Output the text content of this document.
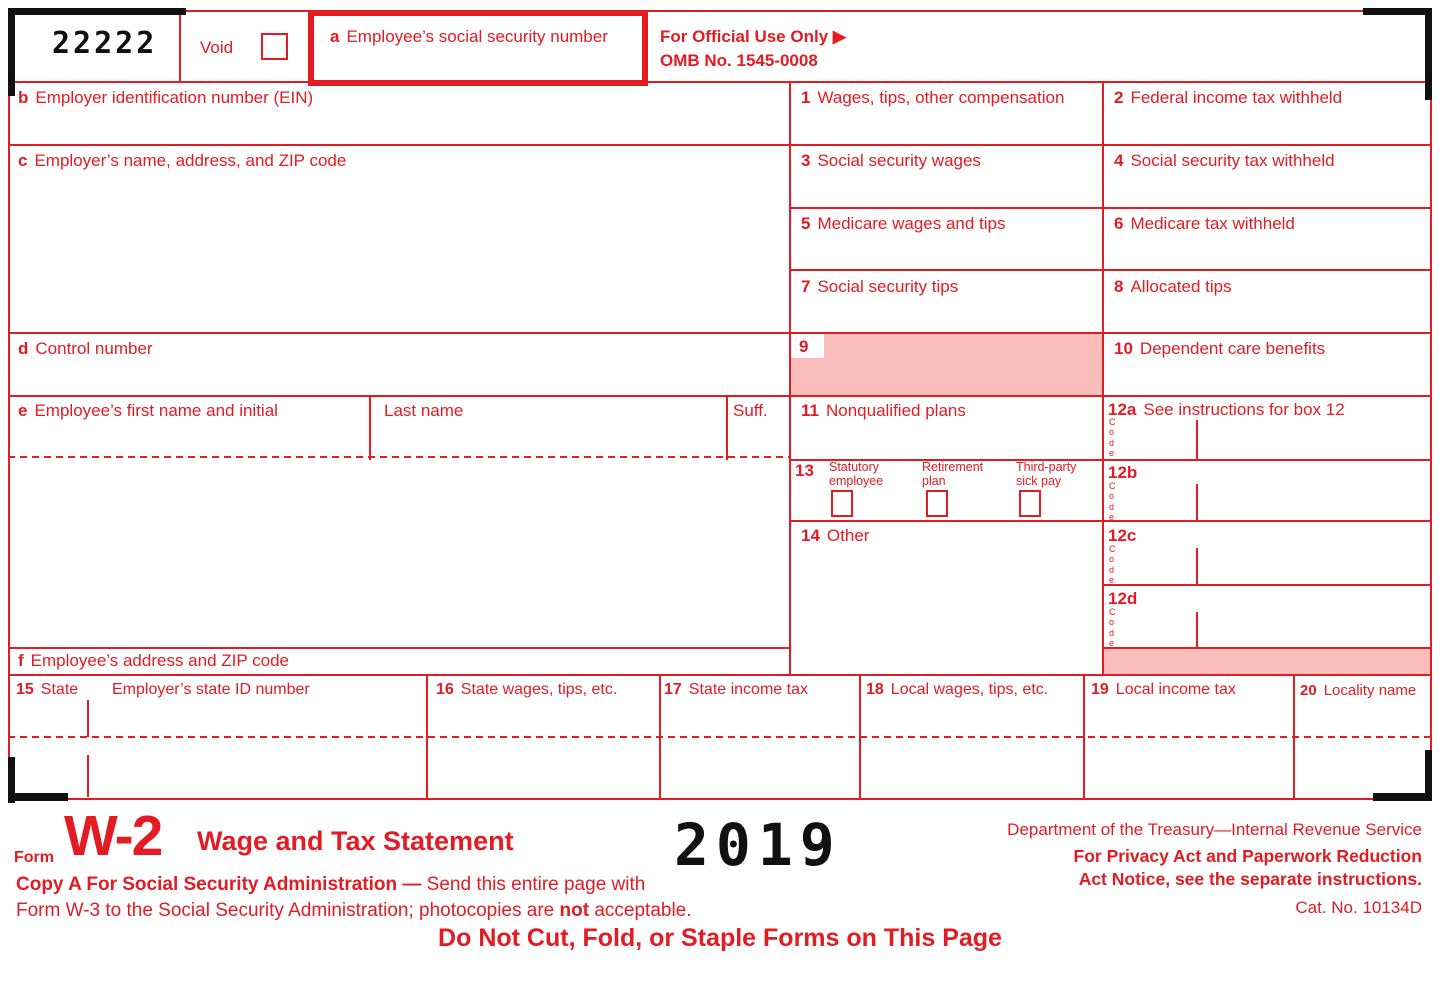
22222	Void
a Employee’s social security number	For Official Use Only ▶
OMB No. 1545-0008
b Employer identification number (EIN)
c Employer’s name, address, and ZIP code
d Control number
e Employee’s first name and initial	Last name	Suff.
f Employee’s address and ZIP code
1 Wages, tips, other compensation	2 Federal income tax withheld
3 Social security wages	4 Social security tax withheld
5 Medicare wages and tips	6 Medicare tax withheld
7 Social security tips	8 Allocated tips
9	10 Dependent care benefits
11 Nonqualified plans	12a See instructions for box 12
Code
12b
Code
13 Statutory employee
Retirement plan
Third-party sick pay
14 Other	12c
Code
12d
Code
15 State Employer’s state ID number	16 State wages, tips, etc.	17 State income tax	18 Local wages, tips, etc.	19 Local income tax	20 Locality name
Form W-2 Wage and Tax Statement	2019	Department of the Treasury—Internal Revenue Service
For Privacy Act and Paperwork Reduction
Act Notice, see the separate instructions.
Copy A For Social Security Administration — Send this entire page with
Form W-3 to the Social Security Administration; photocopies are not acceptable.	Cat. No. 10134D
Do Not Cut, Fold, or Staple Forms on This Page
